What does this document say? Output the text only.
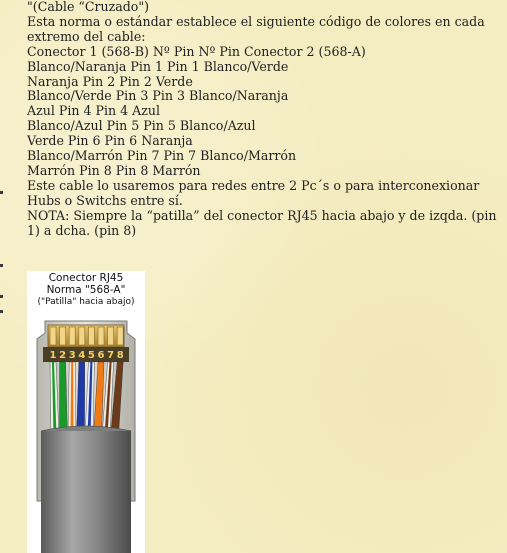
"(Cable “Cruzado")
Esta norma o estándar establece el siguiente código de colores en cada
extremo del cable:
Conector 1 (568-B) Nº Pin Nº Pin Conector 2 (568-A)
Blanco/Naranja Pin 1 Pin 1 Blanco/Verde
Naranja Pin 2 Pin 2 Verde
Blanco/Verde Pin 3 Pin 3 Blanco/Naranja
Azul Pin 4 Pin 4 Azul
Blanco/Azul Pin 5 Pin 5 Blanco/Azul
Verde Pin 6 Pin 6 Naranja
Blanco/Marrón Pin 7 Pin 7 Blanco/Marrón
Marrón Pin 8 Pin 8 Marrón
Este cable lo usaremos para redes entre 2 Pc´s o para interconexionar
Hubs o Switchs entre sí.
NOTA: Siempre la “patilla” del conector RJ45 hacia abajo y de izqda. (pin
1) a dcha. (pin 8)
1 2 3 4 5 6 7 8
Conector RJ45
Norma "568-A"
("Patilla" hacia abajo)
